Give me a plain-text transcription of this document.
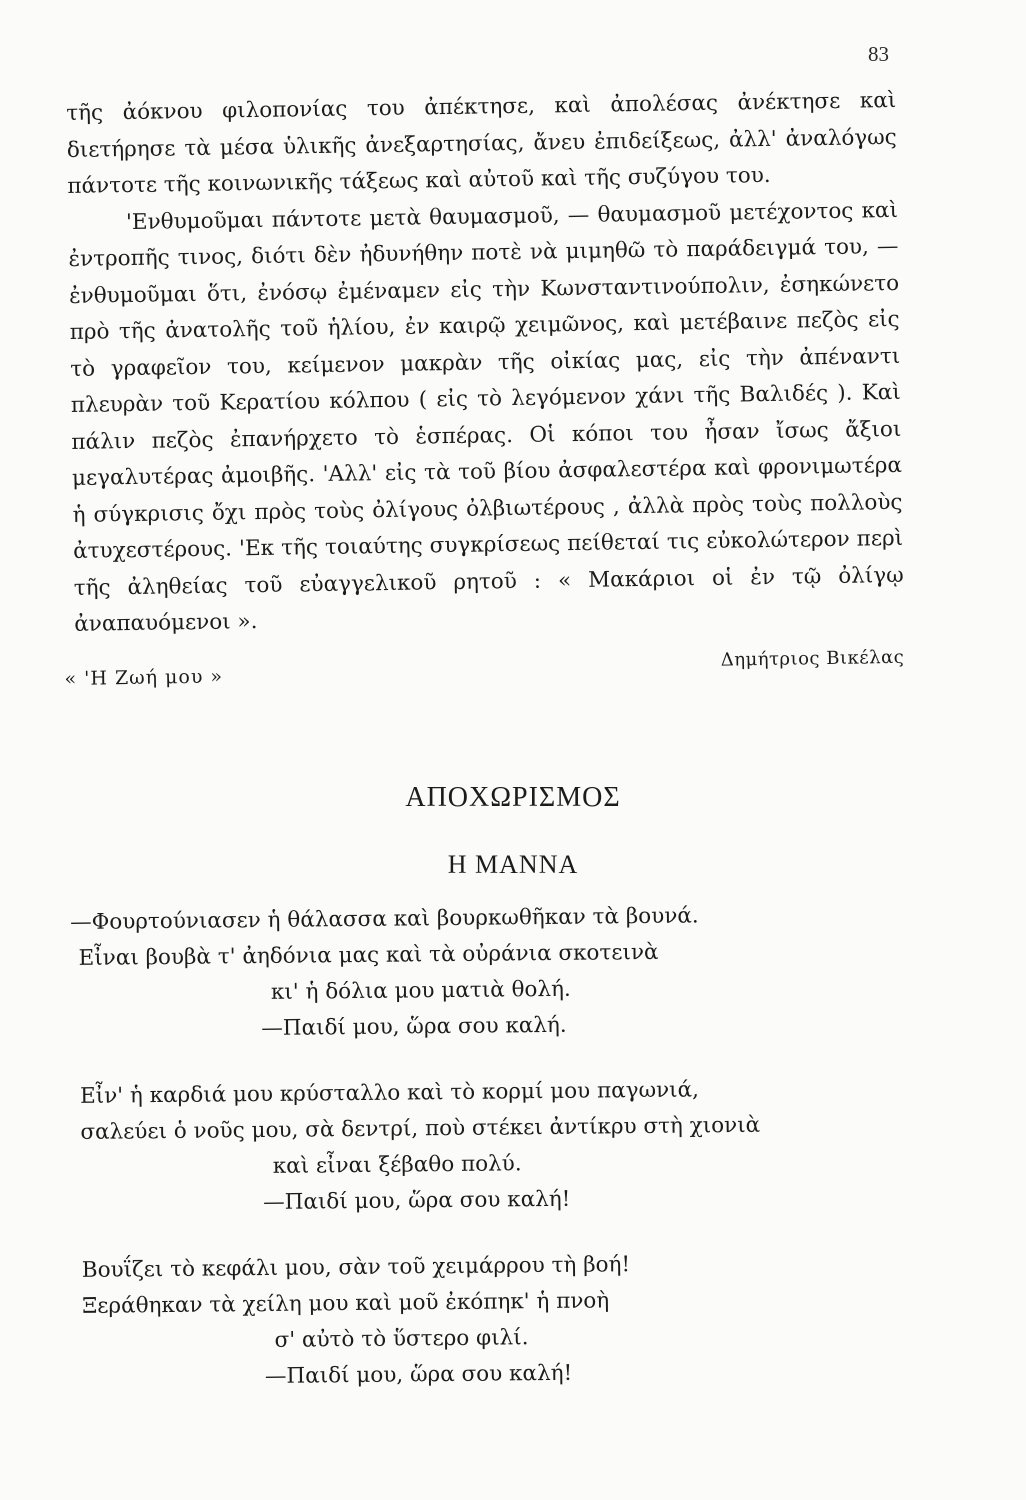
83

τῆς ἀόκνου φιλοπονίας του ἀπέκτησε, καὶ ἀπολέσας ἀνέκτησε καὶ διετήρησε τὰ μέσα ὑλικῆς ἀνεξαρτησίας, ἄνευ ἐπιδείξεως, ἀλλ' ἀναλόγως πάντοτε τῆς κοινωνικῆς τάξεως καὶ αὐτοῦ καὶ τῆς συζύγου του.

'Ενθυμοῦμαι πάντοτε μετὰ θαυμασμοῦ, — θαυμασμοῦ μετέχοντος καὶ ἐντροπῆς τινος, διότι δὲν ἠδυνήθην ποτὲ νὰ μιμηθῶ τὸ παράδειγμά του, — ἐνθυμοῦμαι ὅτι, ἐνόσῳ ἐμέναμεν εἰς τὴν Κωνσταντινούπολιν, ἐσηκώνετο πρὸ τῆς ἀνατολῆς τοῦ ἡλίου, ἐν καιρῷ χειμῶνος, καὶ μετέβαινε πεζὸς εἰς τὸ γραφεῖον του, κείμενον μακρὰν τῆς οἰκίας μας, εἰς τὴν ἀπέναντι πλευρὰν τοῦ Κερατίου κόλπου ( εἰς τὸ λεγόμενον χάνι τῆς Βαλιδές ). Καὶ πάλιν πεζὸς ἐπανήρχετο τὸ ἑσπέρας. Οἱ κόποι του ἦσαν ἴσως ἄξιοι μεγαλυτέρας ἀμοιβῆς. 'Αλλ' εἰς τὰ τοῦ βίου ἀσφαλεστέρα καὶ φρονιμωτέρα ἡ σύγκρισις ὄχι πρὸς τοὺς ὀλίγους ὀλβιωτέρους , ἀλλὰ πρὸς τοὺς πολλοὺς ἀτυχεστέρους. 'Εκ τῆς τοιαύτης συγκρίσεως πείθεταί τις εὐκολώτερον περὶ τῆς ἀληθείας τοῦ εὐαγγελικοῦ ρητοῦ : « Μακάριοι οἱ ἐν τῷ ὀλίγῳ ἀναπαυόμενοι ».

« 'Η Ζωή μου »
Δημήτριος Βικέλας
ΑΠΟΧΩΡΙΣΜΟΣ
Η ΜΑΝΝΑ
—Φουρτούνιασεν ἡ θάλασσα καὶ βουρκωθῆκαν τὰ βουνά.
Εἶναι βουβὰ τ' ἀηδόνια μας καὶ τὰ οὐράνια σκοτεινὰ
κι' ἡ δόλια μου ματιὰ θολή.
—Παιδί μου, ὥρα σου καλή.
Εἶν' ἡ καρδιά μου κρύσταλλο καὶ τὸ κορμί μου παγωνιά,
σαλεύει ὁ νοῦς μου, σὰ δεντρί, ποὺ στέκει ἀντίκρυ στὴ χιονιὰ
καὶ εἶναι ξέβαθο πολύ.
—Παιδί μου, ὥρα σου καλή!
Βουΐζει τὸ κεφάλι μου, σὰν τοῦ χειμάρρου τὴ βοή!
Ξεράθηκαν τὰ χείλη μου καὶ μοῦ ἐκόπηκ' ἡ πνοὴ
σ' αὐτὸ τὸ ὕστερο φιλί.
—Παιδί μου, ὥρα σου καλή!
